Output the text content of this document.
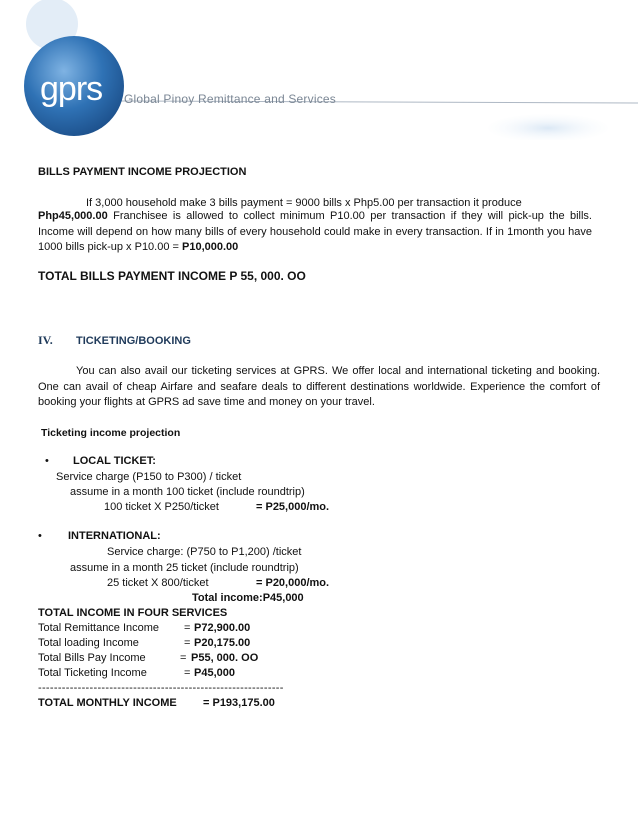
gprs Global Pinoy Remittance and Services
BILLS PAYMENT INCOME PROJECTION
If 3,000 household make 3 bills payment = 9000 bills x Php5.00 per transaction it produce
Php45,000.00 Franchisee is allowed to collect minimum P10.00 per transaction if they will pick-up the bills. Income will depend on how many bills of every household could make in every transaction. If in 1month you have 1000 bills pick-up x P10.00 = P10,000.00
TOTAL BILLS PAYMENT INCOME P 55, 000. OO
IV. TICKETING/BOOKING
You can also avail our ticketing services at GPRS. We offer local and international ticketing and booking. One can avail of cheap Airfare and seafare deals to different destinations worldwide. Experience the comfort of booking your flights at GPRS ad save time and money on your travel.
Ticketing income projection
• LOCAL TICKET:
Service charge (P150 to P300) / ticket
assume in a month 100 ticket (include roundtrip)
100 ticket X P250/ticket	= P25,000/mo.
• INTERNATIONAL:
Service charge: (P750 to P1,200) /ticket
assume in a month 25 ticket (include roundtrip)
25 ticket X 800/ticket	= P20,000/mo.
Total income:P45,000
TOTAL INCOME IN FOUR SERVICES
Total Remittance Income = P72,900.00
Total loading Income	= P20,175.00
Total Bills Pay Income	= P55, 000. OO
Total Ticketing Income	= P45,000
--------------------------------------------------------------
TOTAL MONTHLY INCOME = P193,175.00
